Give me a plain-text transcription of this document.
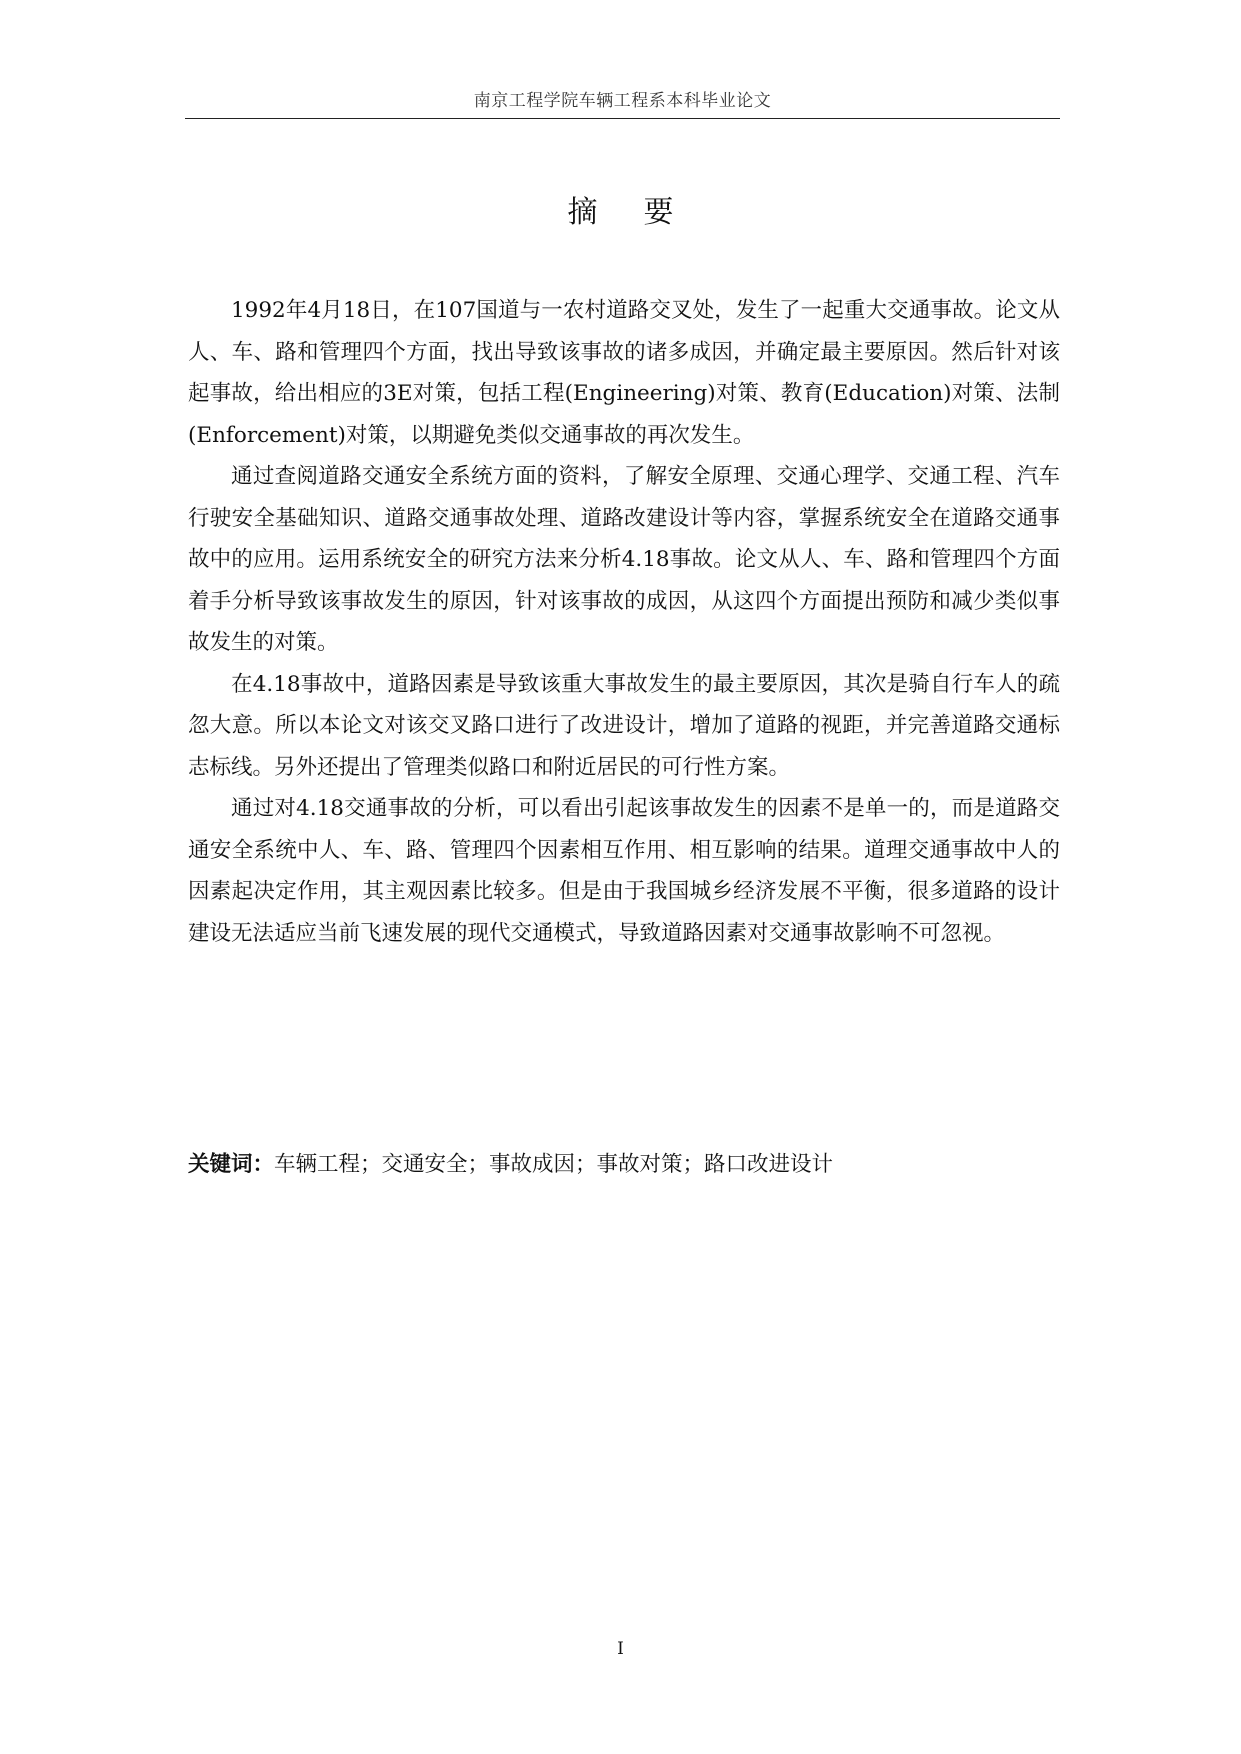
南京工程学院车辆工程系本科毕业论文
摘要

1992年4月18日，在107国道与一农村道路交叉处，发生了一起重大交通事故。论文从人、车、路和管理四个方面，找出导致该事故的诸多成因，并确定最主要原因。然后针对该起事故，给出相应的3E对策，包括工程(Engineering)对策、教育(Education)对策、法制(Enforcement)对策，以期避免类似交通事故的再次发生。

通过查阅道路交通安全系统方面的资料，了解安全原理、交通心理学、交通工程、汽车行驶安全基础知识、道路交通事故处理、道路改建设计等内容，掌握系统安全在道路交通事故中的应用。运用系统安全的研究方法来分析4.18事故。论文从人、车、路和管理四个方面着手分析导致该事故发生的原因，针对该事故的成因，从这四个方面提出预防和减少类似事故发生的对策。

在4.18事故中，道路因素是导致该重大事故发生的最主要原因，其次是骑自行车人的疏忽大意。所以本论文对该交叉路口进行了改进设计，增加了道路的视距，并完善道路交通标志标线。另外还提出了管理类似路口和附近居民的可行性方案。

通过对4.18交通事故的分析，可以看出引起该事故发生的因素不是单一的，而是道路交通安全系统中人、车、路、管理四个因素相互作用、相互影响的结果。道理交通事故中人的因素起决定作用，其主观因素比较多。但是由于我国城乡经济发展不平衡，很多道路的设计建设无法适应当前飞速发展的现代交通模式，导致道路因素对交通事故影响不可忽视。

关键词：车辆工程；交通安全；事故成因；事故对策；路口改进设计
I
